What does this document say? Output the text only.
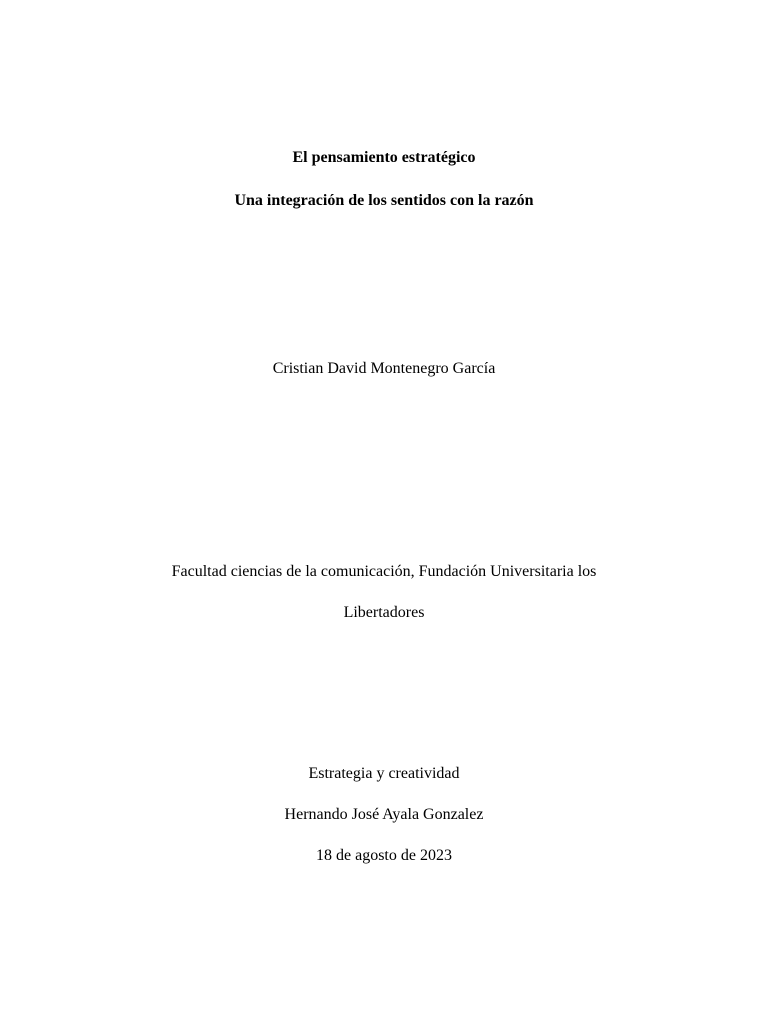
El pensamiento estratégico
Una integración de los sentidos con la razón
Cristian David Montenegro García
Facultad ciencias de la comunicación, Fundación Universitaria los
Libertadores
Estrategia y creatividad
Hernando José Ayala Gonzalez
18 de agosto de 2023
